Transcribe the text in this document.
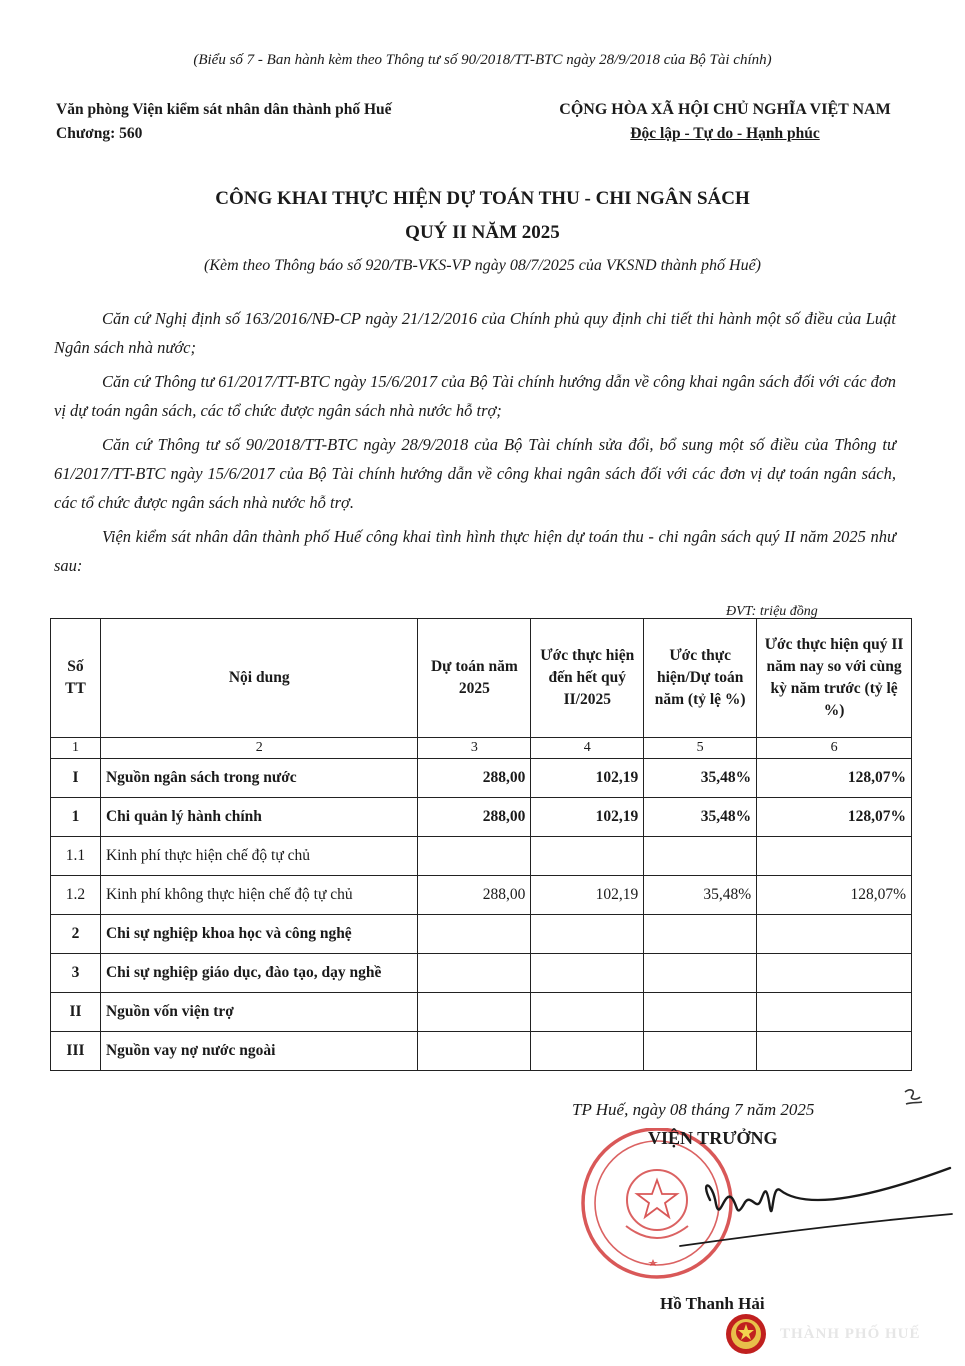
(Biểu số 7 - Ban hành kèm theo Thông tư số 90/2018/TT-BTC ngày 28/9/2018 của Bộ Tài chính)
Văn phòng Viện kiểm sát nhân dân thành phố Huế
Chương: 560
CỘNG HÒA XÃ HỘI CHỦ NGHĨA VIỆT NAM
Độc lập - Tự do - Hạnh phúc
CÔNG KHAI THỰC HIỆN DỰ TOÁN THU - CHI NGÂN SÁCH
QUÝ II NĂM 2025
(Kèm theo Thông báo số 920/TB-VKS-VP ngày 08/7/2025 của VKSND thành phố Huế)

Căn cứ Nghị định số 163/2016/NĐ-CP ngày 21/12/2016 của Chính phủ quy định chi tiết thi hành một số điều của Luật Ngân sách nhà nước;

Căn cứ Thông tư 61/2017/TT-BTC ngày 15/6/2017 của Bộ Tài chính hướng dẫn về công khai ngân sách đối với các đơn vị dự toán ngân sách, các tổ chức được ngân sách nhà nước hỗ trợ;

Căn cứ Thông tư số 90/2018/TT-BTC ngày 28/9/2018 của Bộ Tài chính sửa đổi, bổ sung một số điều của Thông tư 61/2017/TT-BTC ngày 15/6/2017 của Bộ Tài chính hướng dẫn về công khai ngân sách đối với các đơn vị dự toán ngân sách, các tổ chức được ngân sách nhà nước hỗ trợ.

Viện kiểm sát nhân dân thành phố Huế công khai tình hình thực hiện dự toán thu - chi ngân sách quý II năm 2025 như sau:

ĐVT: triệu đồng
Số TT	Nội dung	Dự toán năm 2025	Ước thực hiện đến hết quý II/2025	Ước thực hiện/Dự toán năm (tỷ lệ %)	Ước thực hiện quý II năm nay so với cùng kỳ năm trước (tỷ lệ %)
1	2	3	4	5	6
I	Nguồn ngân sách trong nước	288,00	102,19	35,48%	128,07%
1	Chi quản lý hành chính	288,00	102,19	35,48%	128,07%
1.1	Kinh phí thực hiện chế độ tự chủ				
1.2	Kinh phí không thực hiện chế độ tự chủ	288,00	102,19	35,48%	128,07%
2	Chi sự nghiệp khoa học và công nghệ				
3	Chi sự nghiệp giáo dục, đào tạo, dạy nghề				
II	Nguồn vốn viện trợ				
III	Nguồn vay nợ nước ngoài				
TP Huế, ngày 08 tháng 7 năm 2025
VIỆN TRƯỞNG
Hồ Thanh Hải
THÀNH PHỐ HUẾ
